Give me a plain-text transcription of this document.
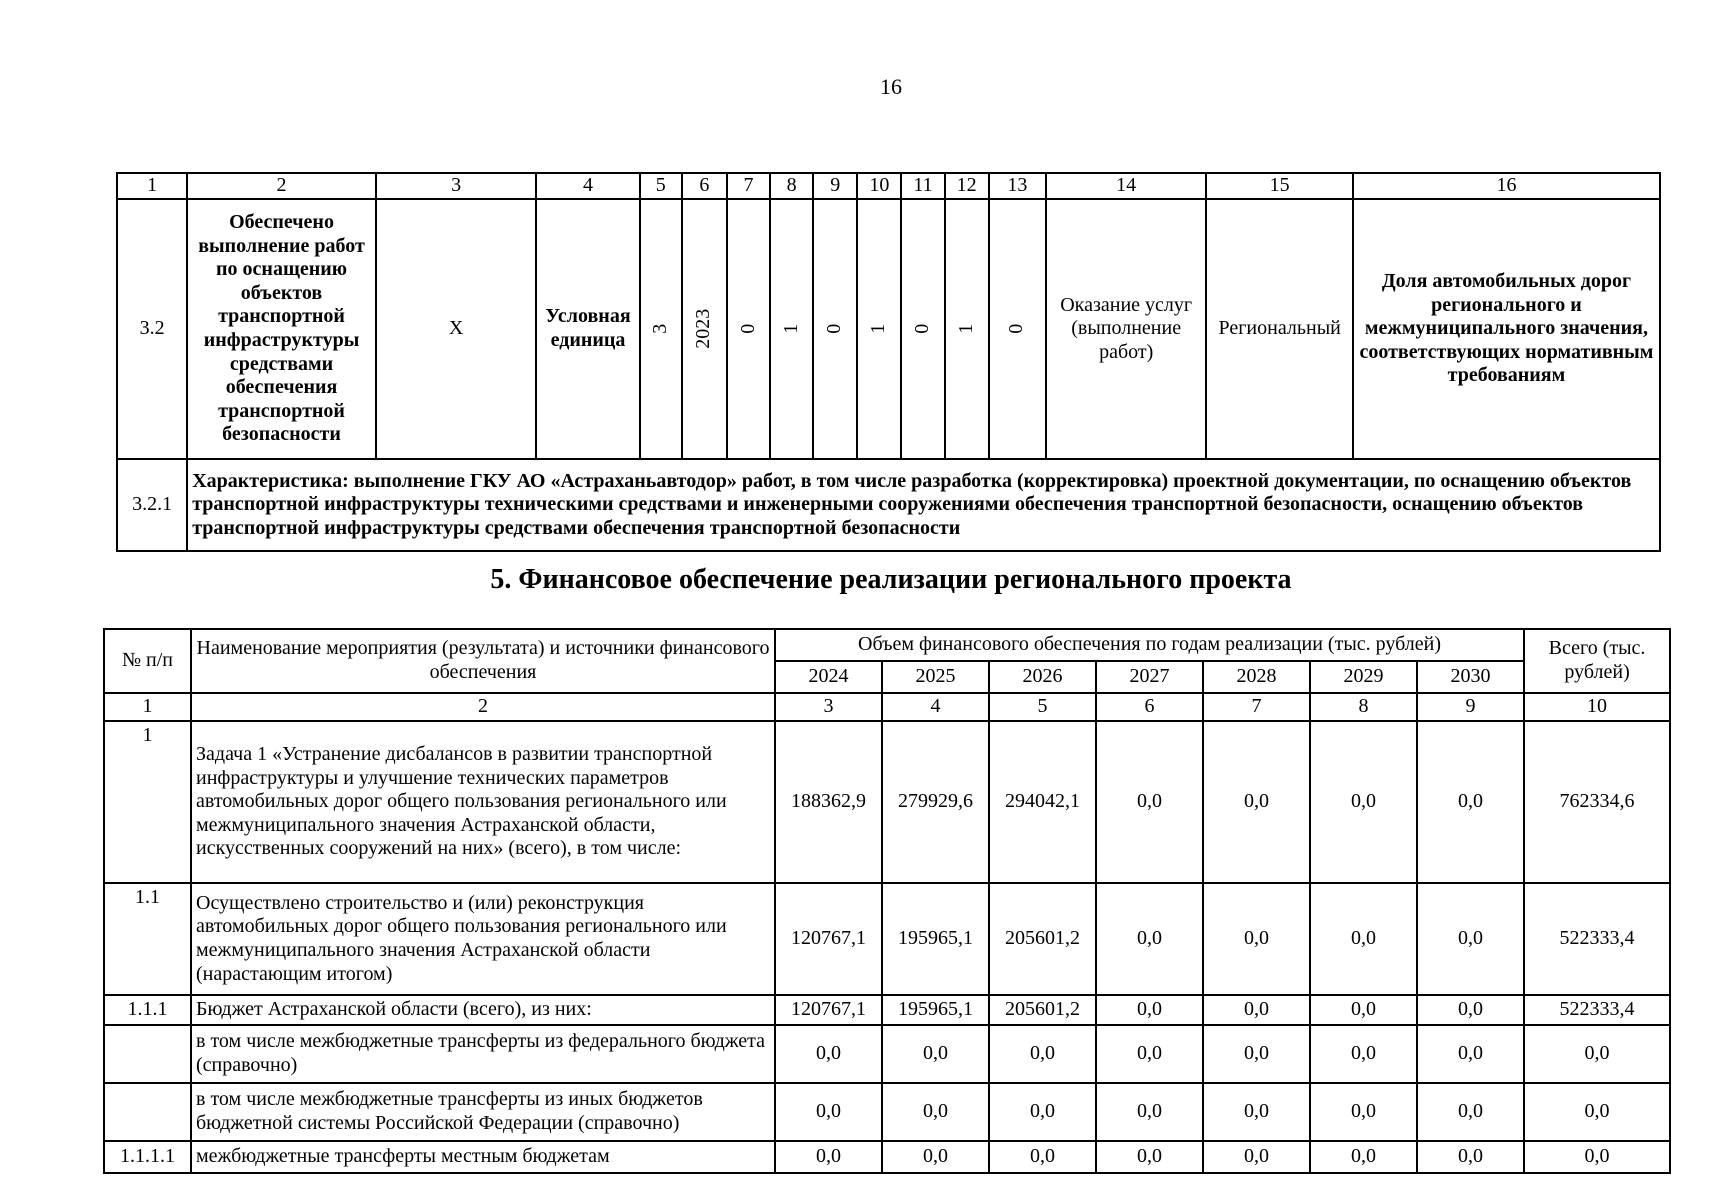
16
1	2	3	4	5	6	7	8	9	10	11	12	13	14	15	16
3.2	Обеспечено выполнение работ по оснащению объектов транспортной инфраструктуры средствами обеспечения транспортной безопасности	Х	Условная единица	3	2023	0	1	0	1	0	1	0	Оказание услуг (выполнение работ)	Региональный	Доля автомобильных дорог регионального и межмуниципального значения, соответствующих нормативным требованиям
3.2.1	Характеристика: выполнение ГКУ АО «Астраханьавтодор» работ, в том числе разработка (корректировка) проектной документации, по оснащению объектов транспортной инфраструктуры техническими средствами и инженерными сооружениями обеспечения транспортной безопасности, оснащению объектов транспортной инфраструктуры средствами обеспечения транспортной безопасности														
5. Финансовое обеспечение реализации регионального проекта
№ п/п	Наименование мероприятия (результата) и источники финансового обеспечения	Объем финансового обеспечения по годам реализации (тыс. рублей)							Всего (тыс. рублей)
		2024	2025	2026	2027	2028	2029	2030	
1	2	3	4	5	6	7	8	9	10
1	Задача 1 «Устранение дисбалансов в развитии транспортной инфраструктуры и улучшение технических параметров автомобильных дорог общего пользования регионального или межмуниципального значения Астраханской области, искусственных сооружений на них» (всего), в том числе:	188362,9	279929,6	294042,1	0,0	0,0	0,0	0,0	762334,6
1.1	Осуществлено строительство и (или) реконструкция автомобильных дорог общего пользования регионального или межмуниципального значения Астраханской области (нарастающим итогом)	120767,1	195965,1	205601,2	0,0	0,0	0,0	0,0	522333,4
1.1.1	Бюджет Астраханской области (всего), из них:	120767,1	195965,1	205601,2	0,0	0,0	0,0	0,0	522333,4
	в том числе межбюджетные трансферты из федерального бюджета (справочно)	0,0	0,0	0,0	0,0	0,0	0,0	0,0	0,0
	в том числе межбюджетные трансферты из иных бюджетов бюджетной системы Российской Федерации (справочно)	0,0	0,0	0,0	0,0	0,0	0,0	0,0	0,0
1.1.1.1	межбюджетные трансферты местным бюджетам	0,0	0,0	0,0	0,0	0,0	0,0	0,0	0,0
